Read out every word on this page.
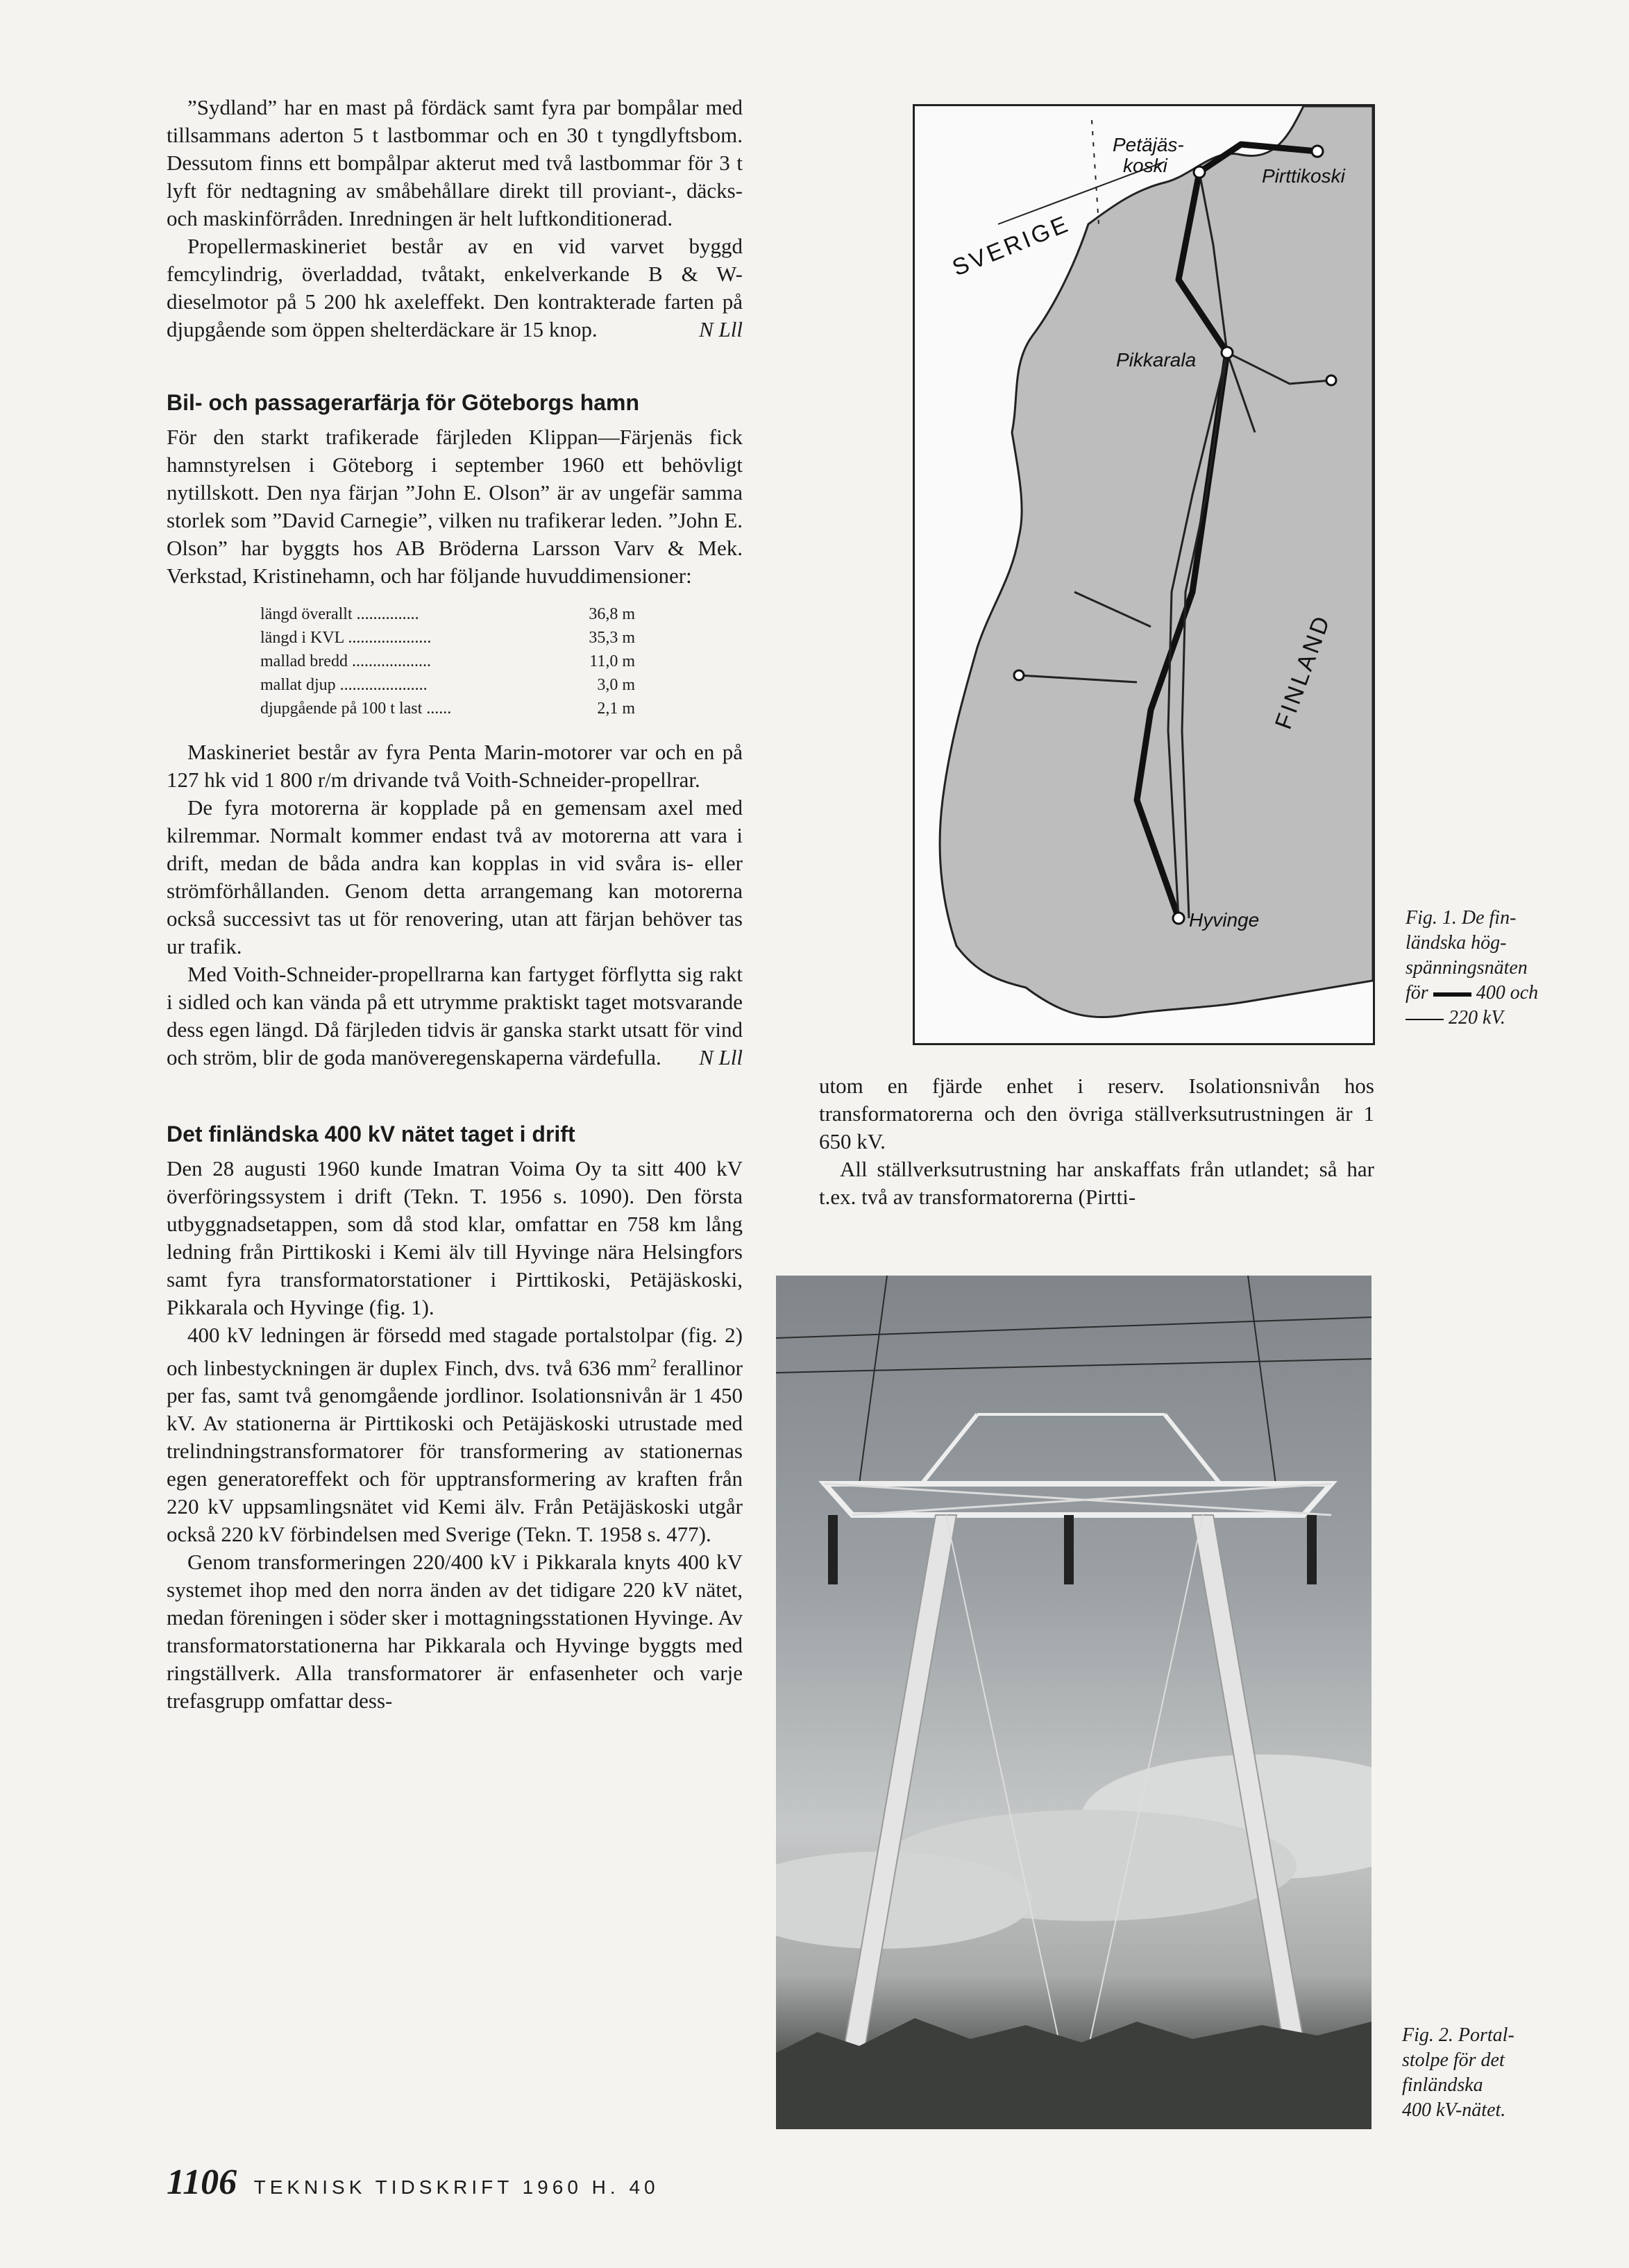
”Sydland” har en mast på fördäck samt fyra par bompålar med tillsammans aderton 5 t lastbommar och en 30 t tyngdlyftsbom. Dessutom finns ett bompålpar akterut med två lastbommar för 3 t lyft för nedtagning av småbehållare direkt till proviant-, däcks- och maskinförråden. Inredningen är helt luftkonditionerad.

Propellermaskineriet består av en vid varvet byggd femcylindrig, överladdad, tvåtakt, enkelverkande B & W-dieselmotor på 5 200 hk axeleffekt. Den kontrakterade farten på djupgående som öppen shelterdäckare är 15 knop.	N Lll
Bil- och passagerarfärja för Göteborgs hamn

För den starkt trafikerade färjleden Klippan—Färjenäs fick hamnstyrelsen i Göteborg i september 1960 ett behövligt nytillskott. Den nya färjan ”John E. Olson” är av ungefär samma storlek som ”David Carnegie”, vilken nu trafikerar leden. ”John E. Olson” har byggts hos AB Bröderna Larsson Varv & Mek. Verkstad, Kristinehamn, och har följande huvuddimensioner:

längd överallt ...............	36,8 m
längd i KVL ....................	35,3 m
mallad bredd ...................	11,0 m
mallat djup .....................	3,0 m
djupgående på 100 t last ......	2,1 m

Maskineriet består av fyra Penta Marin-motorer var och en på 127 hk vid 1 800 r/m drivande två Voith-Schneider-propellrar.

De fyra motorerna är kopplade på en gemensam axel med kilremmar. Normalt kommer endast två av motorerna att vara i drift, medan de båda andra kan kopplas in vid svåra is- eller strömförhållanden. Genom detta arrangemang kan motorerna också successivt tas ut för renovering, utan att färjan behöver tas ur trafik.

Med Voith-Schneider-propellrarna kan fartyget förflytta sig rakt i sidled och kan vända på ett utrymme praktiskt taget motsvarande dess egen längd. Då färjleden tidvis är ganska starkt utsatt för vind och ström, blir de goda manöveregenskaperna värdefulla.	N Lll
Det finländska 400 kV nätet taget i drift

Den 28 augusti 1960 kunde Imatran Voima Oy ta sitt 400 kV överföringssystem i drift (Tekn. T. 1956 s. 1090). Den första utbyggnadsetappen, som då stod klar, omfattar en 758 km lång ledning från Pirttikoski i Kemi älv till Hyvinge nära Helsingfors samt fyra transformatorstationer i Pirttikoski, Petäjäskoski, Pikkarala och Hyvinge (fig. 1).

400 kV ledningen är försedd med stagade portalstolpar (fig. 2) och linbestyckningen är duplex Finch, dvs. två 636 $mm^2$ ferallinor per fas, samt två genomgående jordlinor. Isolationsnivån är 1 450 kV. Av stationerna är Pirttikoski och Petäjäskoski utrustade med trelindningstransformatorer för transformering av stationernas egen generatoreffekt och för upptransformering av kraften från 220 kV uppsamlingsnätet vid Kemi älv. Från Petäjäskoski utgår också 220 kV förbindelsen med Sverige (Tekn. T. 1958 s. 477).

Genom transformeringen 220/400 kV i Pikkarala knyts 400 kV systemet ihop med den norra änden av det tidigare 220 kV nätet, medan föreningen i söder sker i mottagningsstationen Hyvinge. Av transformatorstationerna har Pikkarala och Hyvinge byggts med ringställverk. Alla transformatorer är enfasenheter och varje trefasgrupp omfattar dess-

Petäjäs-
koski	Pirttikoski
SVERIGE
Pikkarala
FINLAND
Hyvinge	Fig. 1. De fin-
ländska hög-
spänningsnäten
för 400 och
220 kV.

utom en fjärde enhet i reserv. Isolationsnivån hos transformatorerna och den övriga ställverksutrustningen är 1 650 kV.

All ställverksutrustning har anskaffats från utlandet; så har t.ex. två av transformatorerna (Pirtti-

Fig. 2. Portal-
stolpe för det
finländska
400 kV-nätet.
1106 TEKNISK TIDSKRIFT 1960 H. 40
